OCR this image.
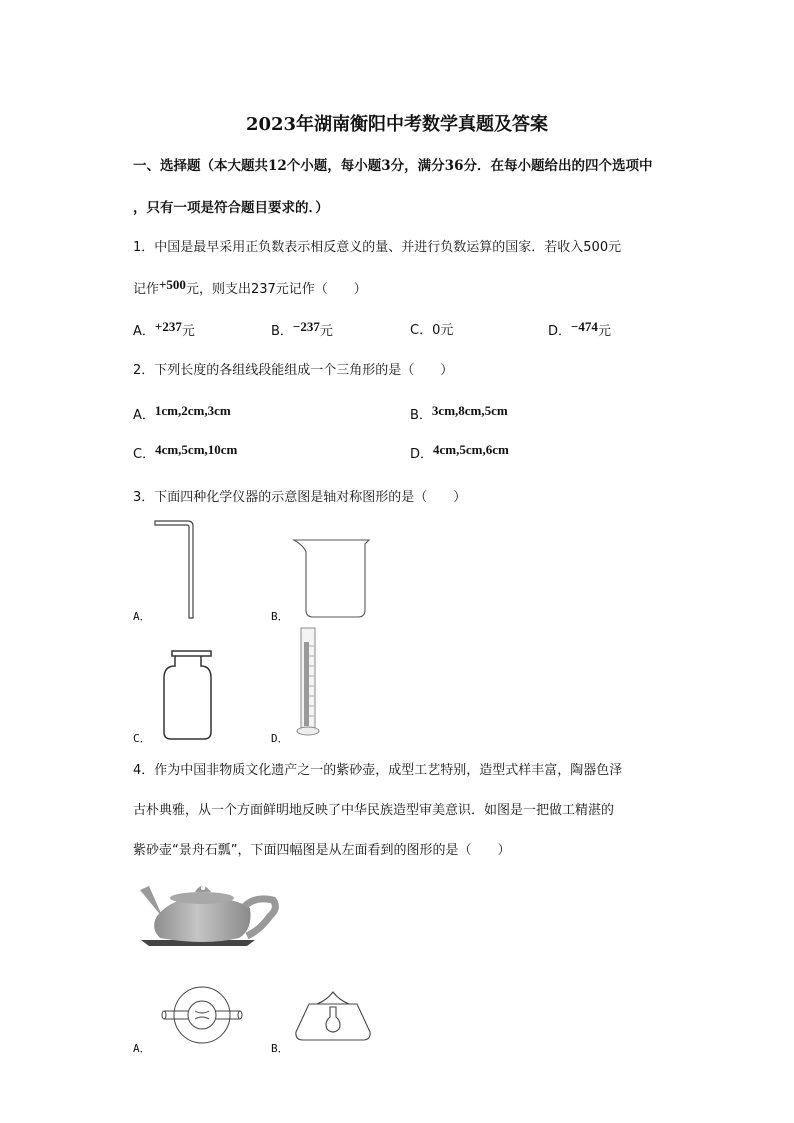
2023年湖南衡阳中考数学真题及答案
一、选择题（本大题共12个小题，每小题3分，满分36分．在每小题给出的四个选项中
，只有一项是符合题目要求的．）
1．中国是最早采用正负数表示相反意义的量、并进行负数运算的国家．若收入500元
记作+500元，则支出237元记作（　　）
A．+237元	B．−237元	C．0元	D．−474元
2．下列长度的各组线段能组成一个三角形的是（　　）
A．1cm,2cm,3cm	B．3cm,8cm,5cm
C．4cm,5cm,10cm	D．4cm,5cm,6cm
3．下面四种化学仪器的示意图是轴对称图形的是（　　）
A．	B．
C．	D．
4．作为中国非物质文化遗产之一的紫砂壶，成型工艺特别，造型式样丰富，陶器色泽
古朴典雅，从一个方面鲜明地反映了中华民族造型审美意识．如图是一把做工精湛的
紫砂壶“景舟石瓢”，下面四幅图是从左面看到的图形的是（　　）
A．	B．
